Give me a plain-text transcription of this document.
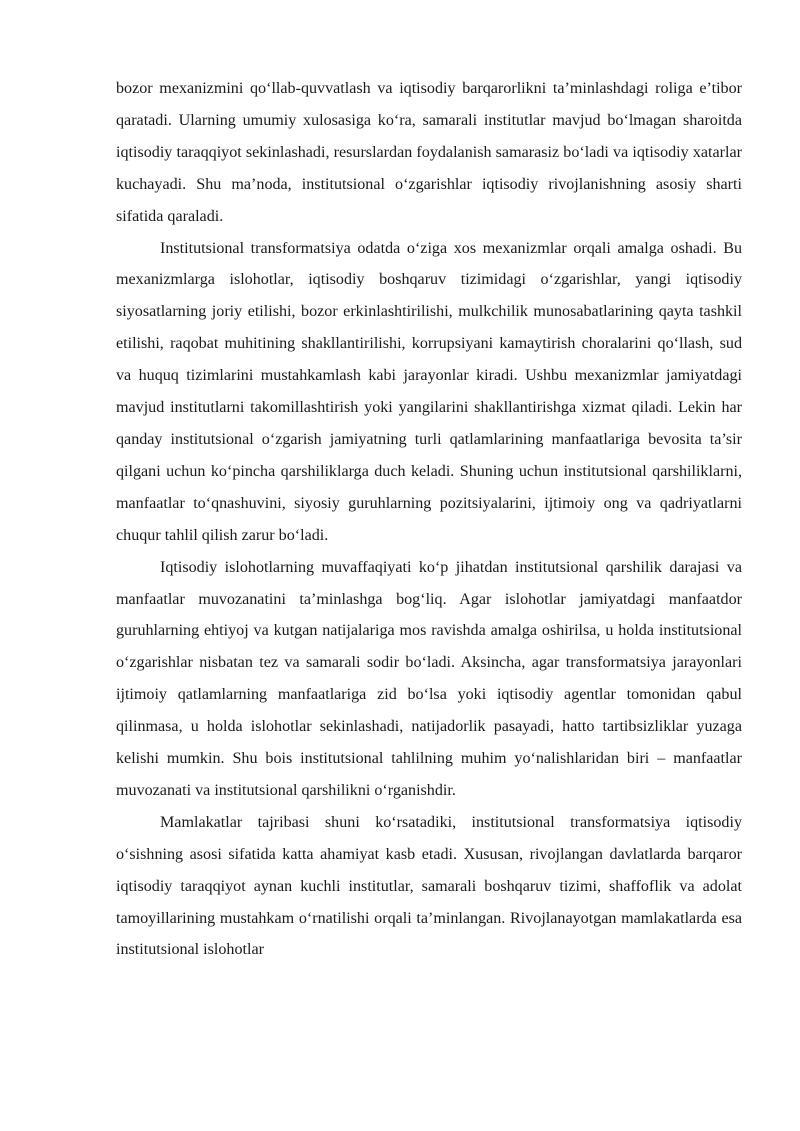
bozor mexanizmini qo‘llab-quvvatlash va iqtisodiy barqarorlikni ta’minlashdagi roliga e’tibor qaratadi. Ularning umumiy xulosasiga ko‘ra, samarali institutlar mavjud bo‘lmagan sharoitda iqtisodiy taraqqiyot sekinlashadi, resurslardan foydalanish samarasiz bo‘ladi va iqtisodiy xatarlar kuchayadi. Shu ma’noda, institutsional o‘zgarishlar iqtisodiy rivojlanishning asosiy sharti sifatida qaraladi.

Institutsional transformatsiya odatda o‘ziga xos mexanizmlar orqali amalga oshadi. Bu mexanizmlarga islohotlar, iqtisodiy boshqaruv tizimidagi o‘zgarishlar, yangi iqtisodiy siyosatlarning joriy etilishi, bozor erkinlashtirilishi, mulkchilik munosabatlarining qayta tashkil etilishi, raqobat muhitining shakllantirilishi, korrupsiyani kamaytirish choralarini qo‘llash, sud va huquq tizimlarini mustahkamlash kabi jarayonlar kiradi. Ushbu mexanizmlar jamiyatdagi mavjud institutlarni takomillashtirish yoki yangilarini shakllantirishga xizmat qiladi. Lekin har qanday institutsional o‘zgarish jamiyatning turli qatlamlarining manfaatlariga bevosita ta’sir qilgani uchun ko‘pincha qarshiliklarga duch keladi. Shuning uchun institutsional qarshiliklarni, manfaatlar to‘qnashuvini, siyosiy guruhlarning pozitsiyalarini, ijtimoiy ong va qadriyatlarni chuqur tahlil qilish zarur bo‘ladi.

Iqtisodiy islohotlarning muvaffaqiyati ko‘p jihatdan institutsional qarshilik darajasi va manfaatlar muvozanatini ta’minlashga bog‘liq. Agar islohotlar jamiyatdagi manfaatdor guruhlarning ehtiyoj va kutgan natijalariga mos ravishda amalga oshirilsa, u holda institutsional o‘zgarishlar nisbatan tez va samarali sodir bo‘ladi. Aksincha, agar transformatsiya jarayonlari ijtimoiy qatlamlarning manfaatlariga zid bo‘lsa yoki iqtisodiy agentlar tomonidan qabul qilinmasa, u holda islohotlar sekinlashadi, natijadorlik pasayadi, hatto tartibsizliklar yuzaga kelishi mumkin. Shu bois institutsional tahlilning muhim yo‘nalishlaridan biri – manfaatlar muvozanati va institutsional qarshilikni o‘rganishdir.

Mamlakatlar tajribasi shuni ko‘rsatadiki, institutsional transformatsiya iqtisodiy o‘sishning asosi sifatida katta ahamiyat kasb etadi. Xususan, rivojlangan davlatlarda barqaror iqtisodiy taraqqiyot aynan kuchli institutlar, samarali boshqaruv tizimi, shaffoflik va adolat tamoyillarining mustahkam o‘rnatilishi orqali ta’minlangan. Rivojlanayotgan mamlakatlarda esa institutsional islohotlar
